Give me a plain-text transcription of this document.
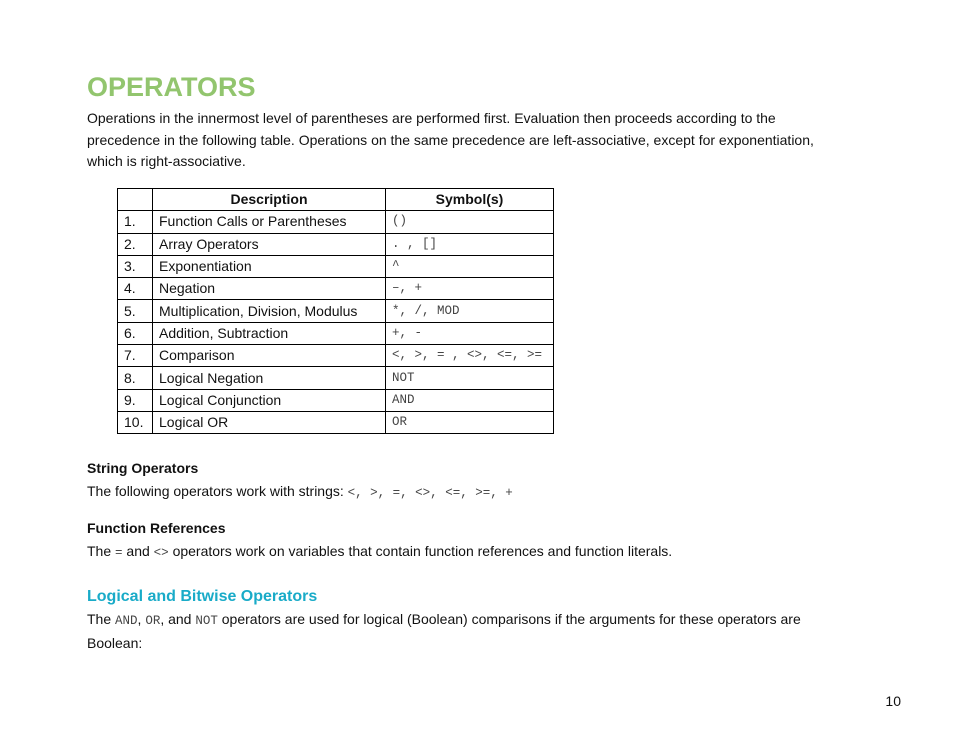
OPERATORS

Operations in the innermost level of parentheses are performed first. Evaluation then proceeds according to the precedence in the following table. Operations on the same precedence are left-associative, except for exponentiation, which is right-associative.

	Description	Symbol(s)
1.	Function Calls or Parentheses	()
2.	Array Operators	. , []
3.	Exponentiation	^
4.	Negation	–, +
5.	Multiplication, Division, Modulus	*, /, MOD
6.	Addition, Subtraction	+, -
7.	Comparison	<, >, = , <>, <=, >=
8.	Logical Negation	NOT
9.	Logical Conjunction	AND
10.	Logical OR	OR
String Operators

The following operators work with strings: <, >, =, <>, <=, >=, +

Function References

The = and <> operators work on variables that contain function references and function literals.

Logical and Bitwise Operators

The AND, OR, and NOT operators are used for logical (Boolean) comparisons if the arguments for these operators are Boolean:

10
